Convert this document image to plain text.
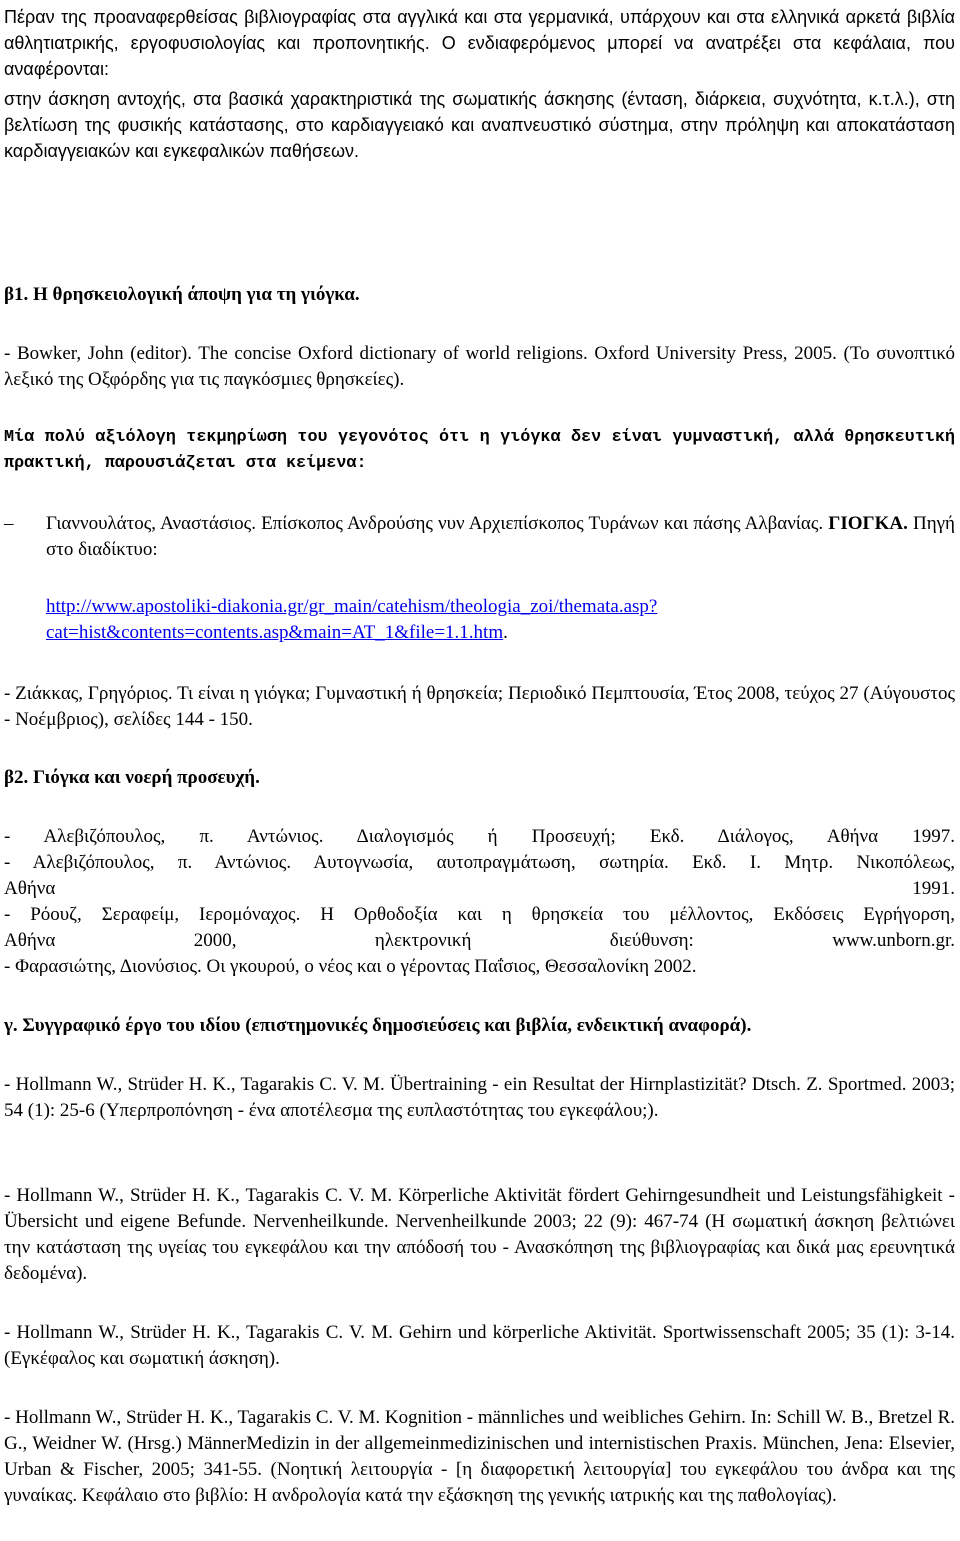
Πέραν της προαναφερθείσας βιβλιογραφίας στα αγγλικά και στα γερμανικά, υπάρχουν και στα ελληνικά αρκετά βιβλία αθλητιατρικής, εργοφυσιολογίας και προπονητικής. Ο ενδιαφερόμενος μπορεί να ανατρέξει στα κεφάλαια, που αναφέρονται:

στην άσκηση αντοχής, στα βασικά χαρακτηριστικά της σωματικής άσκησης (ένταση, διάρκεια, συχνότητα, κ.τ.λ.), στη βελτίωση της φυσικής κατάστασης, στο καρδιαγγειακό και αναπνευστικό σύστημα, στην πρόληψη και αποκατάσταση καρδιαγγειακών και εγκεφαλικών παθήσεων.

β1. Η θρησκειολογική άποψη για τη γιόγκα.

- Bowker, John (editor). The concise Oxford dictionary of world religions. Oxford University Press, 2005. (Το συνοπτικό λεξικό της Οξφόρδης για τις παγκόσμιες θρησκείες).

Μία πολύ αξιόλογη τεκμηρίωση του γεγονότος ότι η γιόγκα δεν είναι γυμναστική, αλλά θρησκευτική πρακτική, παρουσιάζεται στα κείμενα:

– Γιαννουλάτος, Αναστάσιος. Επίσκοπος Ανδρούσης νυν Αρχιεπίσκοπος Τυράνων και πάσης Αλβανίας. ΓΙΟΓΚΑ. Πηγή στο διαδίκτυο:
http://www.apostoliki-diakonia.gr/gr_main/catehism/theologia_zoi/themata.asp?
cat=hist&contents=contents.asp&main=AT_1&file=1.1.htm.

- Ζιάκκας, Γρηγόριος. Τι είναι η γιόγκα; Γυμναστική ή θρησκεία; Περιοδικό Πεμπτουσία, Έτος 2008, τεύχος 27 (Αύγουστος - Νοέμβριος), σελίδες 144 - 150.

β2. Γιόγκα και νοερή προσευχή.

- Αλεβιζόπουλος, π. Αντώνιος. Διαλογισμός ή Προσευχή; Εκδ. Διάλογος, Αθήνα 1997.

- Αλεβιζόπουλος, π. Αντώνιος. Αυτογνωσία, αυτοπραγμάτωση, σωτηρία. Εκδ. Ι. Μητρ. Νικοπόλεως,

Αθήνα 1991.

- Ρόουζ, Σεραφείμ, Ιερομόναχος. Η Ορθοδοξία και η θρησκεία του μέλλοντος, Εκδόσεις Εγρήγορση,

Αθήνα 2000, ηλεκτρονική διεύθυνση: www.unborn.gr.

- Φαρασιώτης, Διονύσιος. Οι γκουρού, ο νέος και ο γέροντας Παΐσιος, Θεσσαλονίκη 2002.

γ. Συγγραφικό έργο του ιδίου (επιστημονικές δημοσιεύσεις και βιβλία, ενδεικτική αναφορά).

- Hollmann W., Strüder H. K., Tagarakis C. V. M. Übertraining - ein Resultat der Hirnplastizität? Dtsch. Z. Sportmed. 2003; 54 (1): 25-6 (Υπερπροπόνηση - ένα αποτέλεσμα της ευπλαστότητας του εγκεφάλου;).

- Hollmann W., Strüder H. K., Tagarakis C. V. M. Körperliche Aktivität fördert Gehirngesundheit und Leistungsfähigkeit - Übersicht und eigene Befunde. Nervenheilkunde. Nervenheilkunde 2003; 22 (9): 467-74 (Η σωματική άσκηση βελτιώνει την κατάσταση της υγείας του εγκεφάλου και την απόδοσή του - Ανασκόπηση της βιβλιογραφίας και δικά μας ερευνητικά δεδομένα).

- Hollmann W., Strüder H. K., Tagarakis C. V. M. Gehirn und körperliche Aktivität. Sportwissenschaft 2005; 35 (1): 3-14. (Εγκέφαλος και σωματική άσκηση).

- Hollmann W., Strüder H. K., Tagarakis C. V. M. Kognition - männliches und weibliches Gehirn. In: Schill W. B., Bretzel R. G., Weidner W. (Hrsg.) MännerMedizin in der allgemeinmedizinischen und internistischen Praxis. München, Jena: Elsevier, Urban & Fischer, 2005; 341-55. (Νοητική λειτουργία - [η διαφορετική λειτουργία] του εγκεφάλου του άνδρα και της γυναίκας. Κεφάλαιο στο βιβλίο: Η ανδρολογία κατά την εξάσκηση της γενικής ιατρικής και της παθολογίας).
